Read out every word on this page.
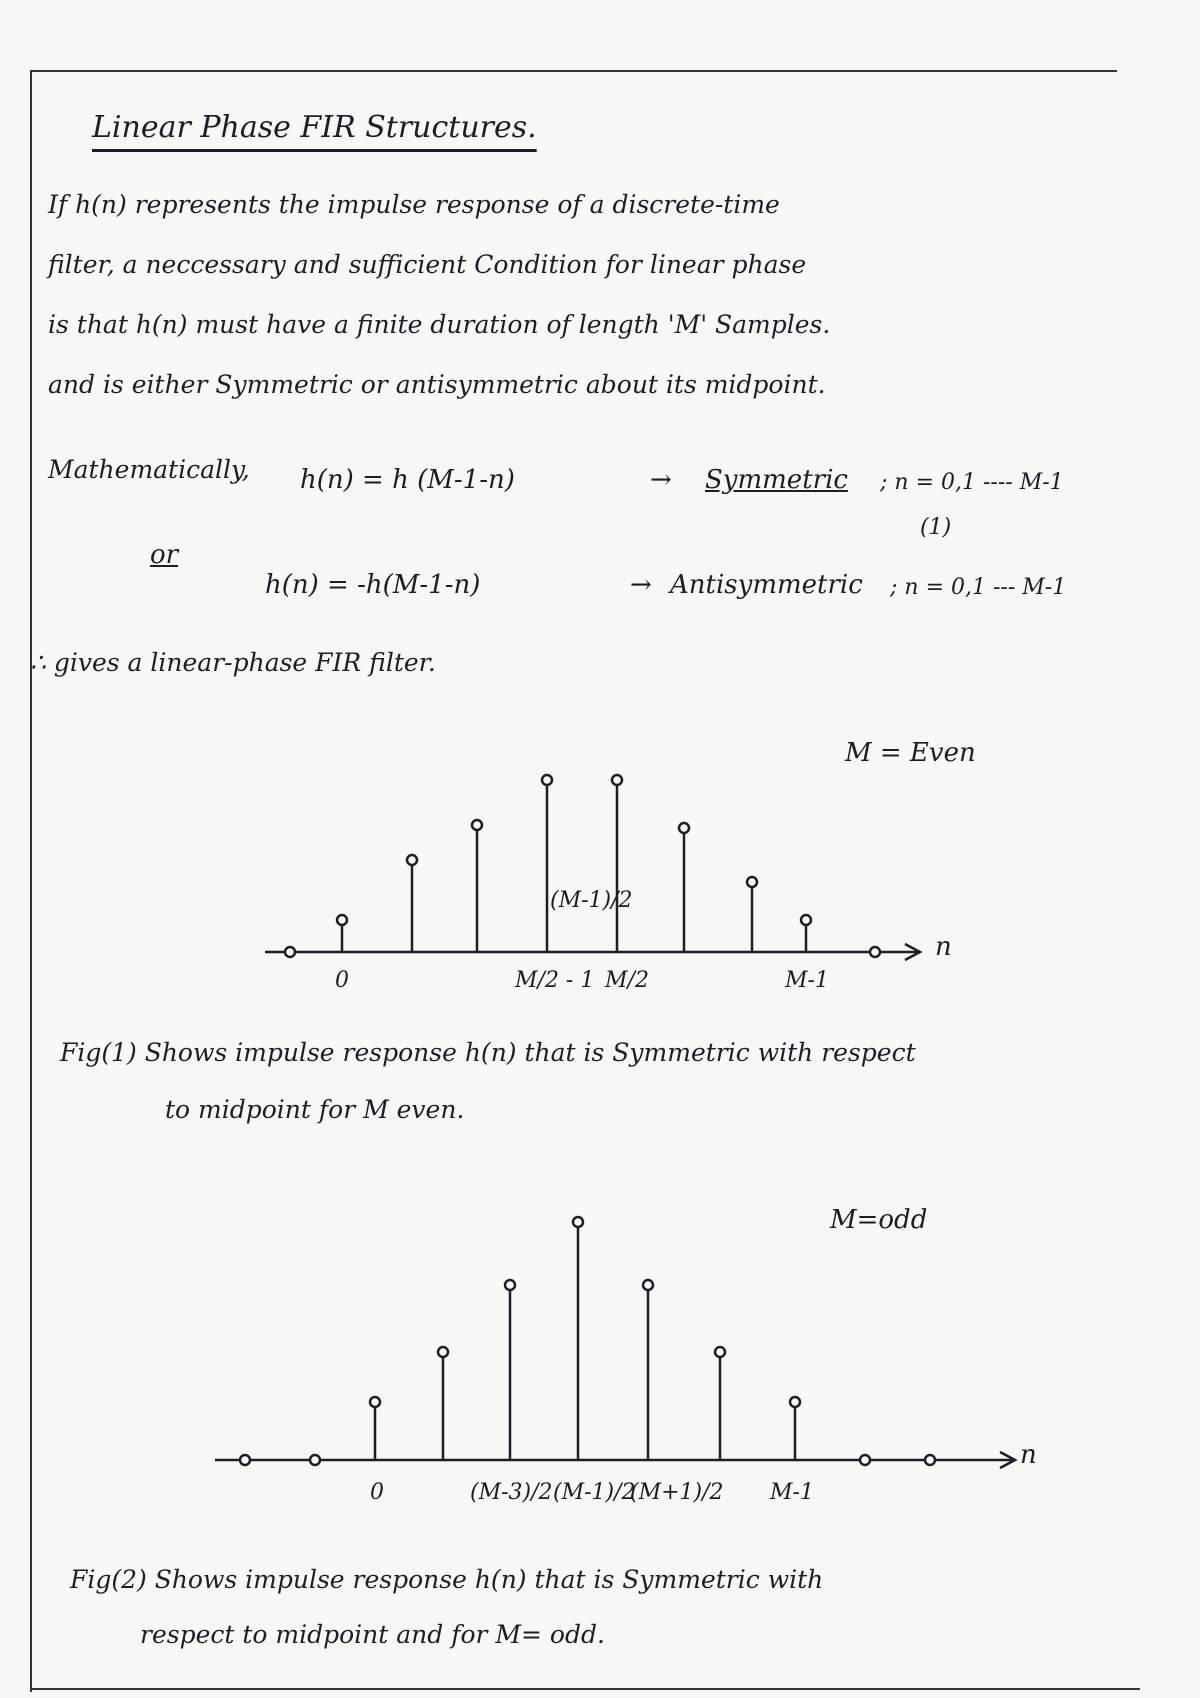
Linear Phase FIR Structures.
If h(n) represents the impulse response of a discrete-time
filter, a neccessary and sufficient Condition for linear phase
is that h(n) must have a finite duration of length 'M' Samples.
and is either Symmetric or antisymmetric about its midpoint.
Mathematically, h(n) = h (M-1-n)	→ Symmetric ; n = 0,1 ---- M-1
(1)
or
h(n) = -h(M-1-n)	→ Antisymmetric ; n = 0,1 --- M-1
∴ gives a linear-phase FIR filter.
M = Even
n
0	M/2 - 1 M/2
(M-1)/2
M-1
Fig(1) Shows impulse response h(n) that is Symmetric with respect
to midpoint for M even.
M=odd
n
0	(M-3)/2 (M-1)/2
(M+1)/2 M-1
Fig(2) Shows impulse response h(n) that is Symmetric with
respect to midpoint and for M= odd.
